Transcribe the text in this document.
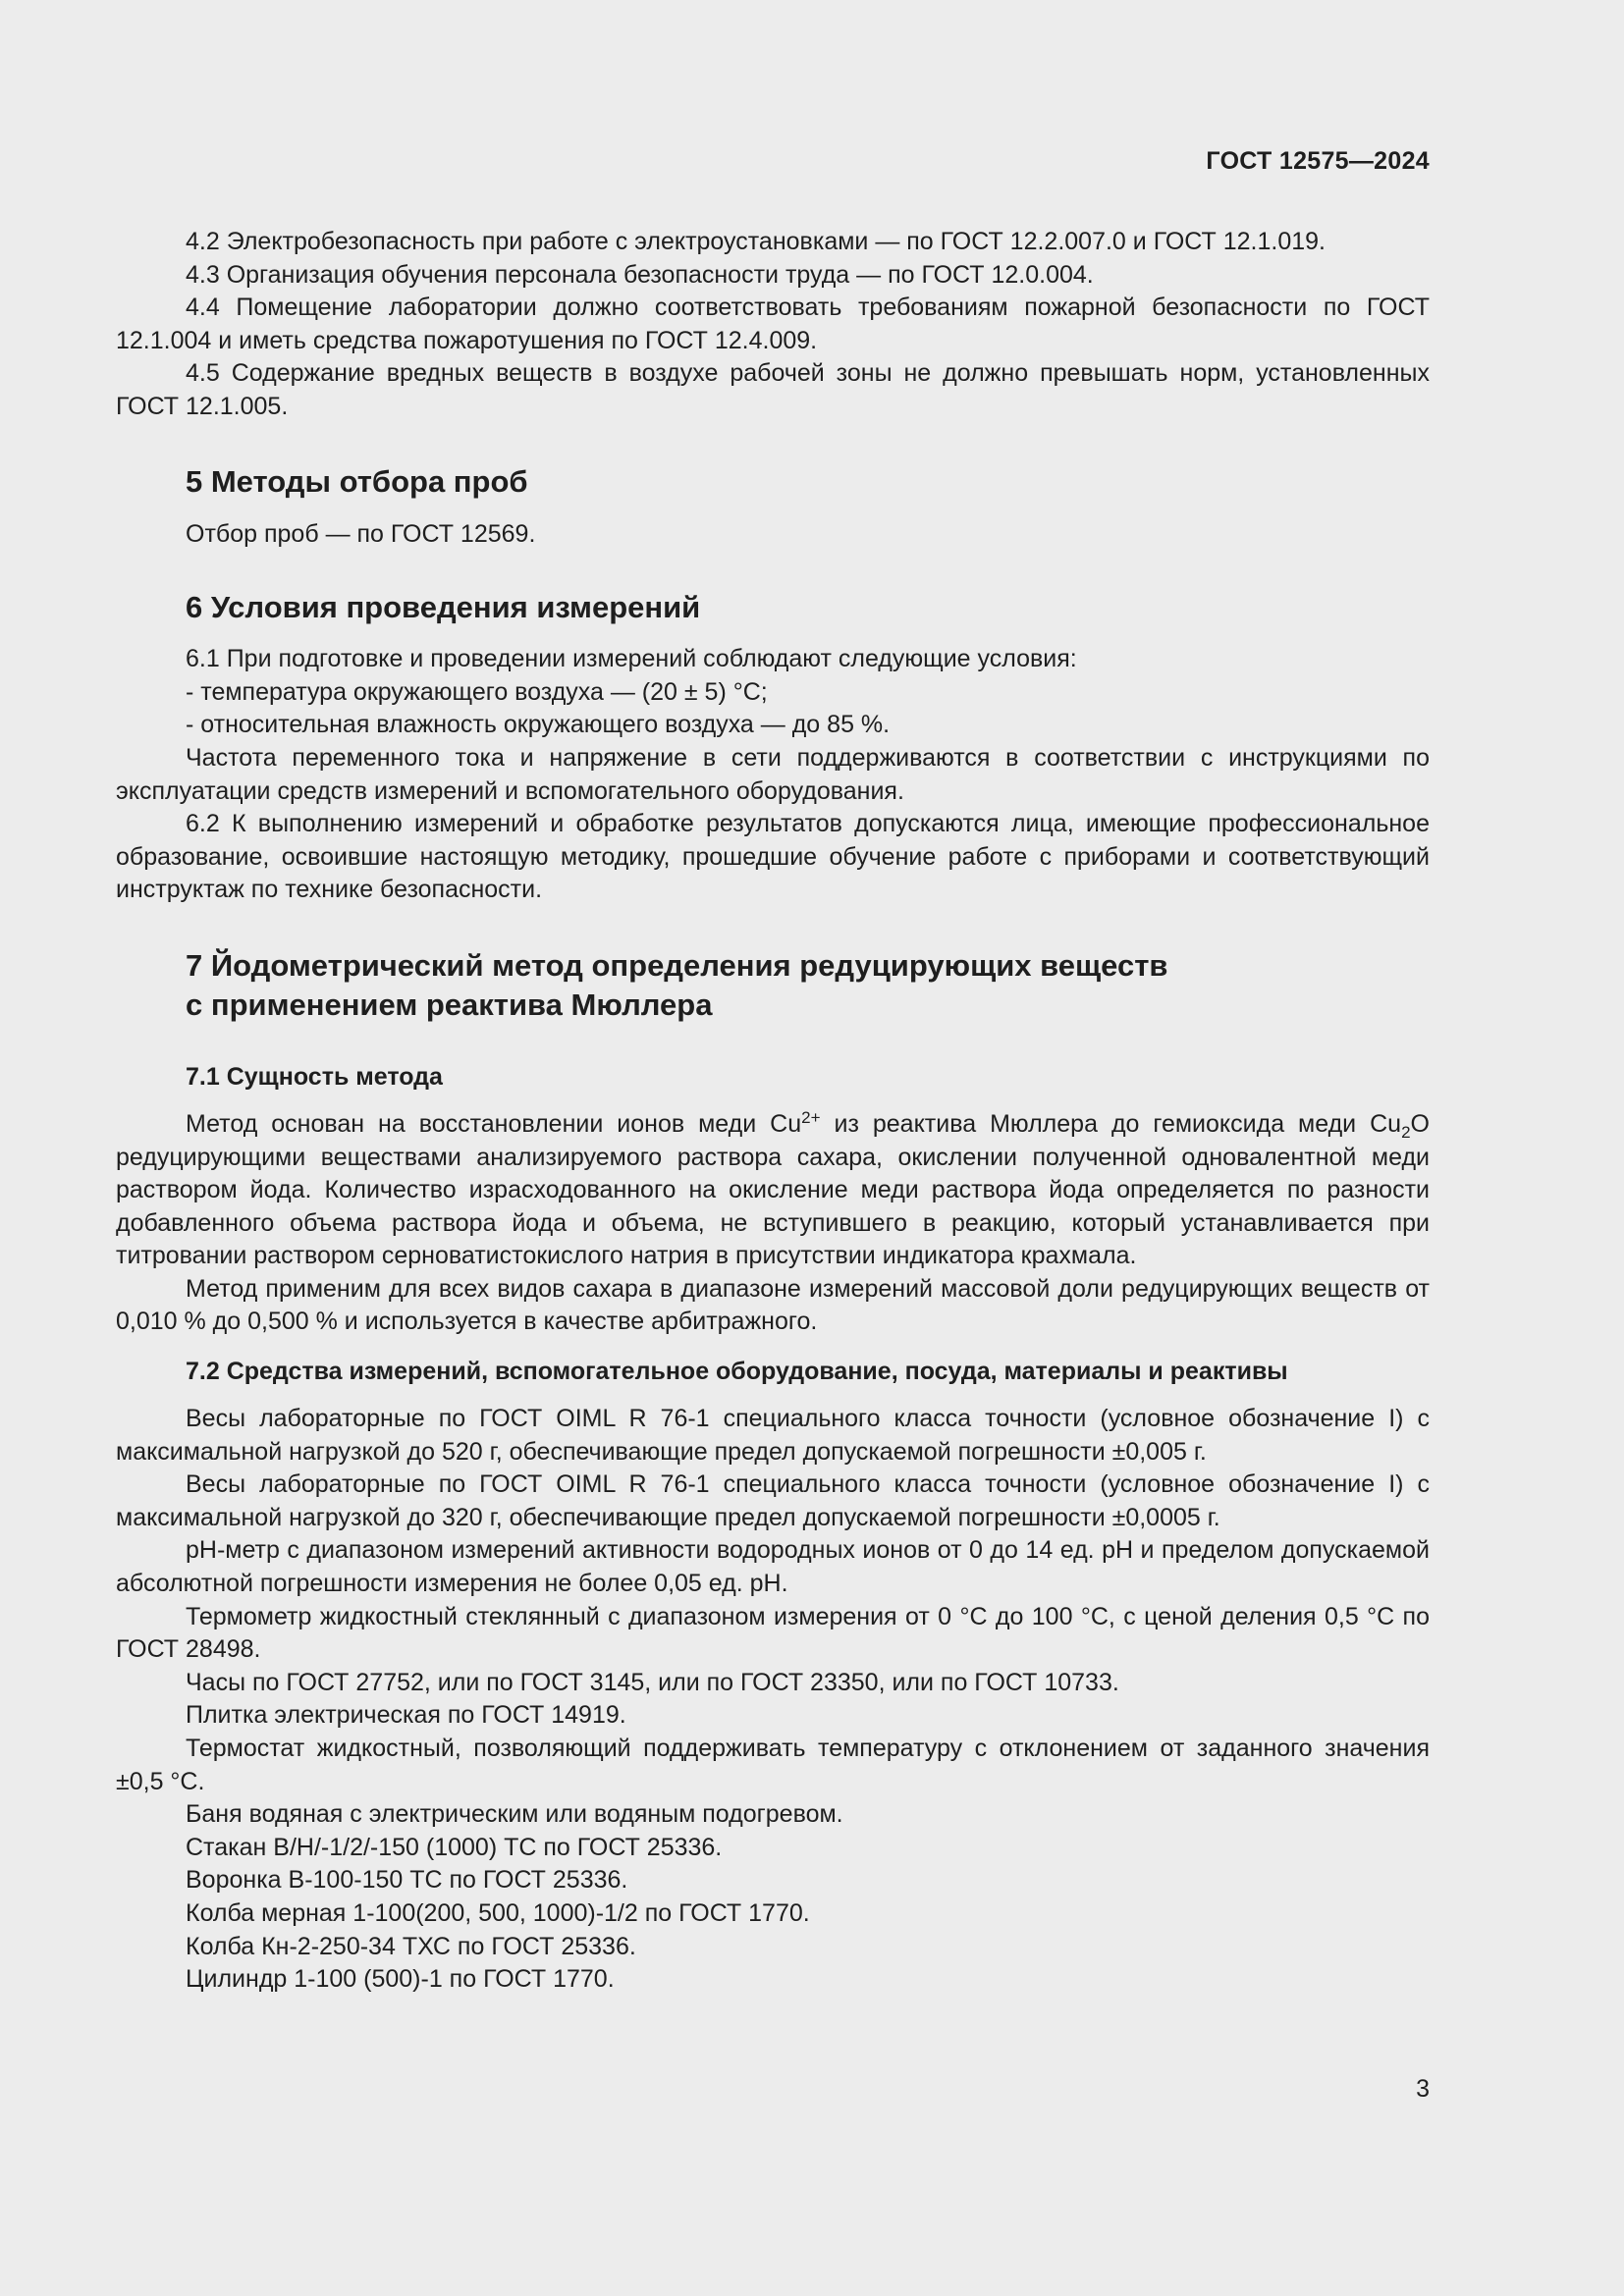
ГОСТ 12575—2024

4.2 Электробезопасность при работе с электроустановками — по ГОСТ 12.2.007.0 и ГОСТ 12.1.019.

4.3 Организация обучения персонала безопасности труда — по ГОСТ 12.0.004.

4.4 Помещение лаборатории должно соответствовать требованиям пожарной безопасности по ГОСТ 12.1.004 и иметь средства пожаротушения по ГОСТ 12.4.009.

4.5 Содержание вредных веществ в воздухе рабочей зоны не должно превышать норм, установленных ГОСТ 12.1.005.

5 Методы отбора проб

Отбор проб — по ГОСТ 12569.

6 Условия проведения измерений

6.1 При подготовке и проведении измерений соблюдают следующие условия:

- температура окружающего воздуха — (20 ± 5) °C;

- относительная влажность окружающего воздуха — до 85 %.

Частота переменного тока и напряжение в сети поддерживаются в соответствии с инструкциями по эксплуатации средств измерений и вспомогательного оборудования.

6.2 К выполнению измерений и обработке результатов допускаются лица, имеющие профессиональное образование, освоившие настоящую методику, прошедшие обучение работе с приборами и соответствующий инструктаж по технике безопасности.

7 Йодометрический метод определения редуцирующих веществ
с применением реактива Мюллера
7.1 Сущность метода

Метод основан на восстановлении ионов меди $Cu^{2+}$ из реактива Мюллера до гемиоксида меди $Cu_2O$ редуцирующими веществами анализируемого раствора сахара, окислении полученной одновалентной меди раствором йода. Количество израсходованного на окисление меди раствора йода определяется по разности добавленного объема раствора йода и объема, не вступившего в реакцию, который устанавливается при титровании раствором серноватистокислого натрия в присутствии индикатора крахмала.

Метод применим для всех видов сахара в диапазоне измерений массовой доли редуцирующих веществ от 0,010 % до 0,500 % и используется в качестве арбитражного.

7.2 Средства измерений, вспомогательное оборудование, посуда, материалы и реактивы

Весы лабораторные по ГОСТ OIML R 76-1 специального класса точности (условное обозначение I) с максимальной нагрузкой до 520 г, обеспечивающие предел допускаемой погрешности ±0,005 г.

Весы лабораторные по ГОСТ OIML R 76-1 специального класса точности (условное обозначение I) с максимальной нагрузкой до 320 г, обеспечивающие предел допускаемой погрешности ±0,0005 г.

рН-метр с диапазоном измерений активности водородных ионов от 0 до 14 ед. рН и пределом допускаемой абсолютной погрешности измерения не более 0,05 ед. рН.

Термометр жидкостный стеклянный с диапазоном измерения от 0 °С до 100 °С, с ценой деления 0,5 °С по ГОСТ 28498.

Часы по ГОСТ 27752, или по ГОСТ 3145, или по ГОСТ 23350, или по ГОСТ 10733.

Плитка электрическая по ГОСТ 14919.

Термостат жидкостный, позволяющий поддерживать температуру с отклонением от заданного значения ±0,5 °С.

Баня водяная с электрическим или водяным подогревом.

Стакан В/Н/-1/2/-150 (1000) ТС по ГОСТ 25336.

Воронка В-100-150 ТС по ГОСТ 25336.

Колба мерная 1-100(200, 500, 1000)-1/2 по ГОСТ 1770.

Колба Кн-2-250-34 ТХС по ГОСТ 25336.

Цилиндр 1-100 (500)-1 по ГОСТ 1770.

3
